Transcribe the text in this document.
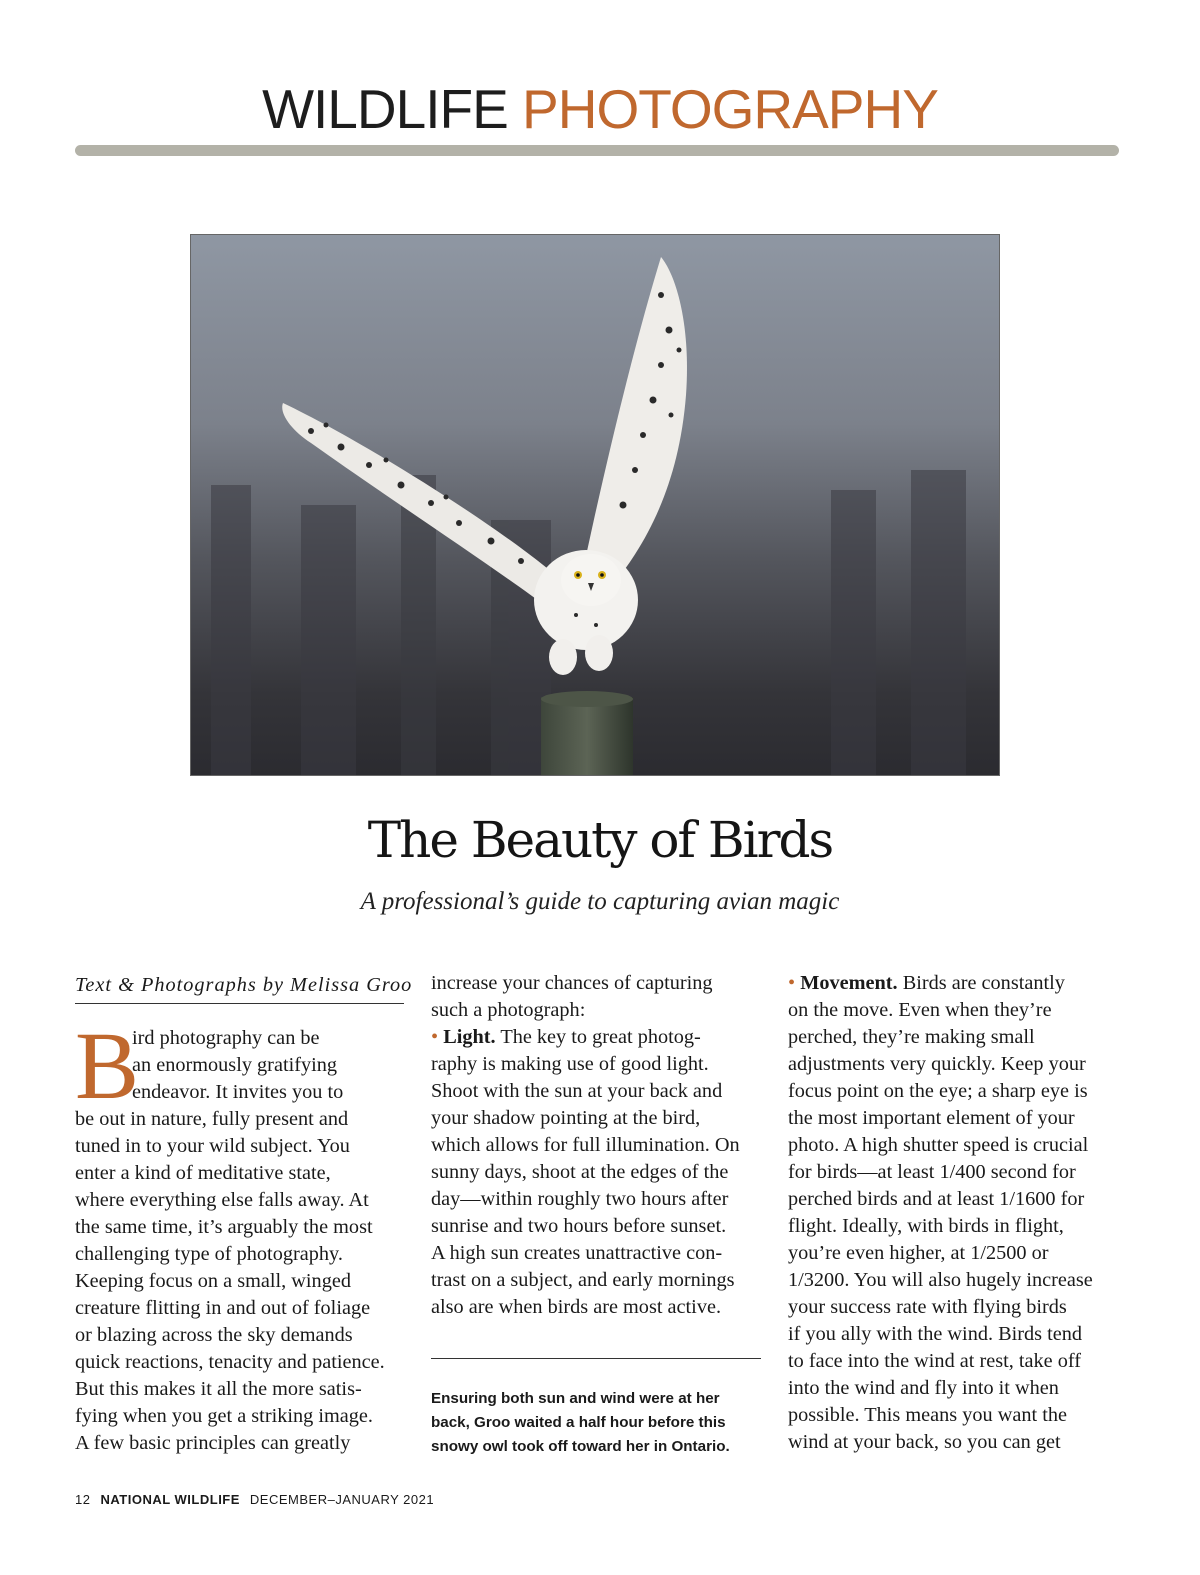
WILDLIFE PHOTOGRAPHY
The Beauty of Birds
A professional’s guide to capturing avian magic
Text & Photographs by Melissa Groo
B
ird photography can be
an enormously gratifying
endeavor. It invites you to
be out in nature, fully present and
tuned in to your wild subject. You
enter a kind of meditative state,
where everything else falls away. At
the same time, it’s arguably the most
challenging type of photography.
Keeping focus on a small, winged
creature flitting in and out of foliage
or blazing across the sky demands
quick reactions, tenacity and patience.
But this makes it all the more satis-
fying when you get a striking image.
A few basic principles can greatly
increase your chances of capturing
such a photograph:
• Light. The key to great photog-
raphy is making use of good light.
Shoot with the sun at your back and
your shadow pointing at the bird,
which allows for full illumination. On
sunny days, shoot at the edges of the
day—within roughly two hours after
sunrise and two hours before sunset.
A high sun creates unattractive con-
trast on a subject, and early mornings
also are when birds are most active.
Ensuring both sun and wind were at her
back, Groo waited a half hour before this
snowy owl took off toward her in Ontario.
• Movement. Birds are constantly
on the move. Even when they’re
perched, they’re making small
adjustments very quickly. Keep your
focus point on the eye; a sharp eye is
the most important element of your
photo. A high shutter speed is crucial
for birds—at least 1/400 second for
perched birds and at least 1/1600 for
flight. Ideally, with birds in flight,
you’re even higher, at 1/2500 or
1/3200. You will also hugely increase
your success rate with flying birds
if you ally with the wind. Birds tend
to face into the wind at rest, take off
into the wind and fly into it when
possible. This means you want the
wind at your back, so you can get
12 NATIONAL WILDLIFE DECEMBER–JANUARY 2021
